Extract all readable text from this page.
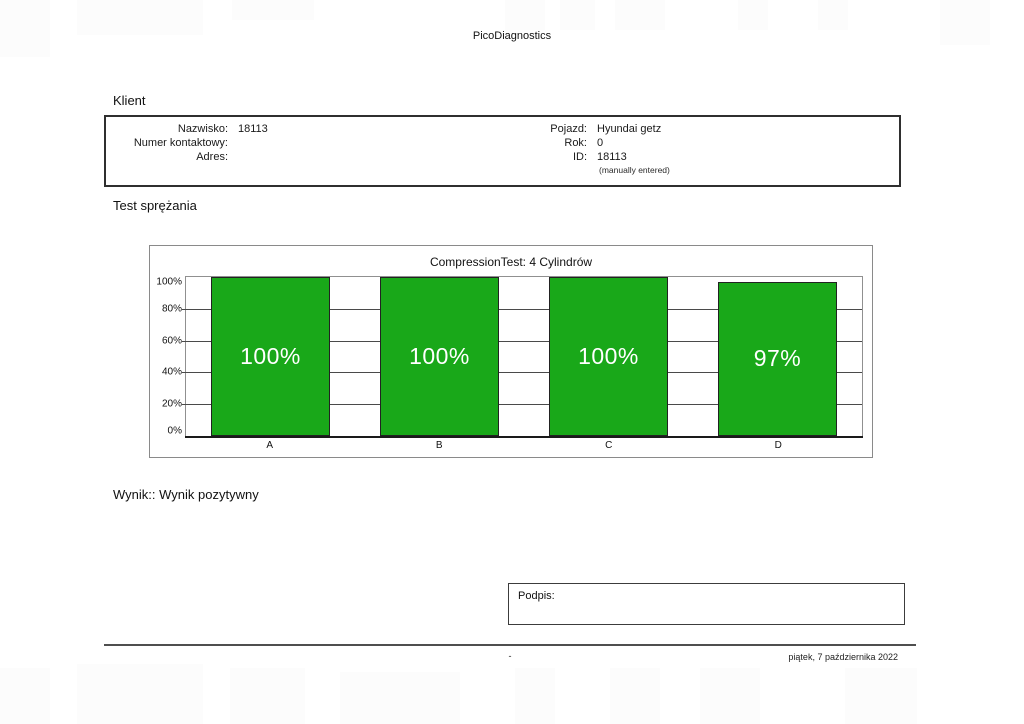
PicoDiagnostics
Klient
Nazwisko: 18113
Numer kontaktowy:
Adres:
Pojazd: Hyundai getz
Rok: 0
ID: 18113
(manually entered)
Test sprężania
CompressionTest: 4 Cylindrów
100%
80%
60%
40%
20%
0%
100%	100%	100%	97%
A	B	C	D
Wynik:: Wynik pozytywny
Podpis:
-	piątek, 7 października 2022
